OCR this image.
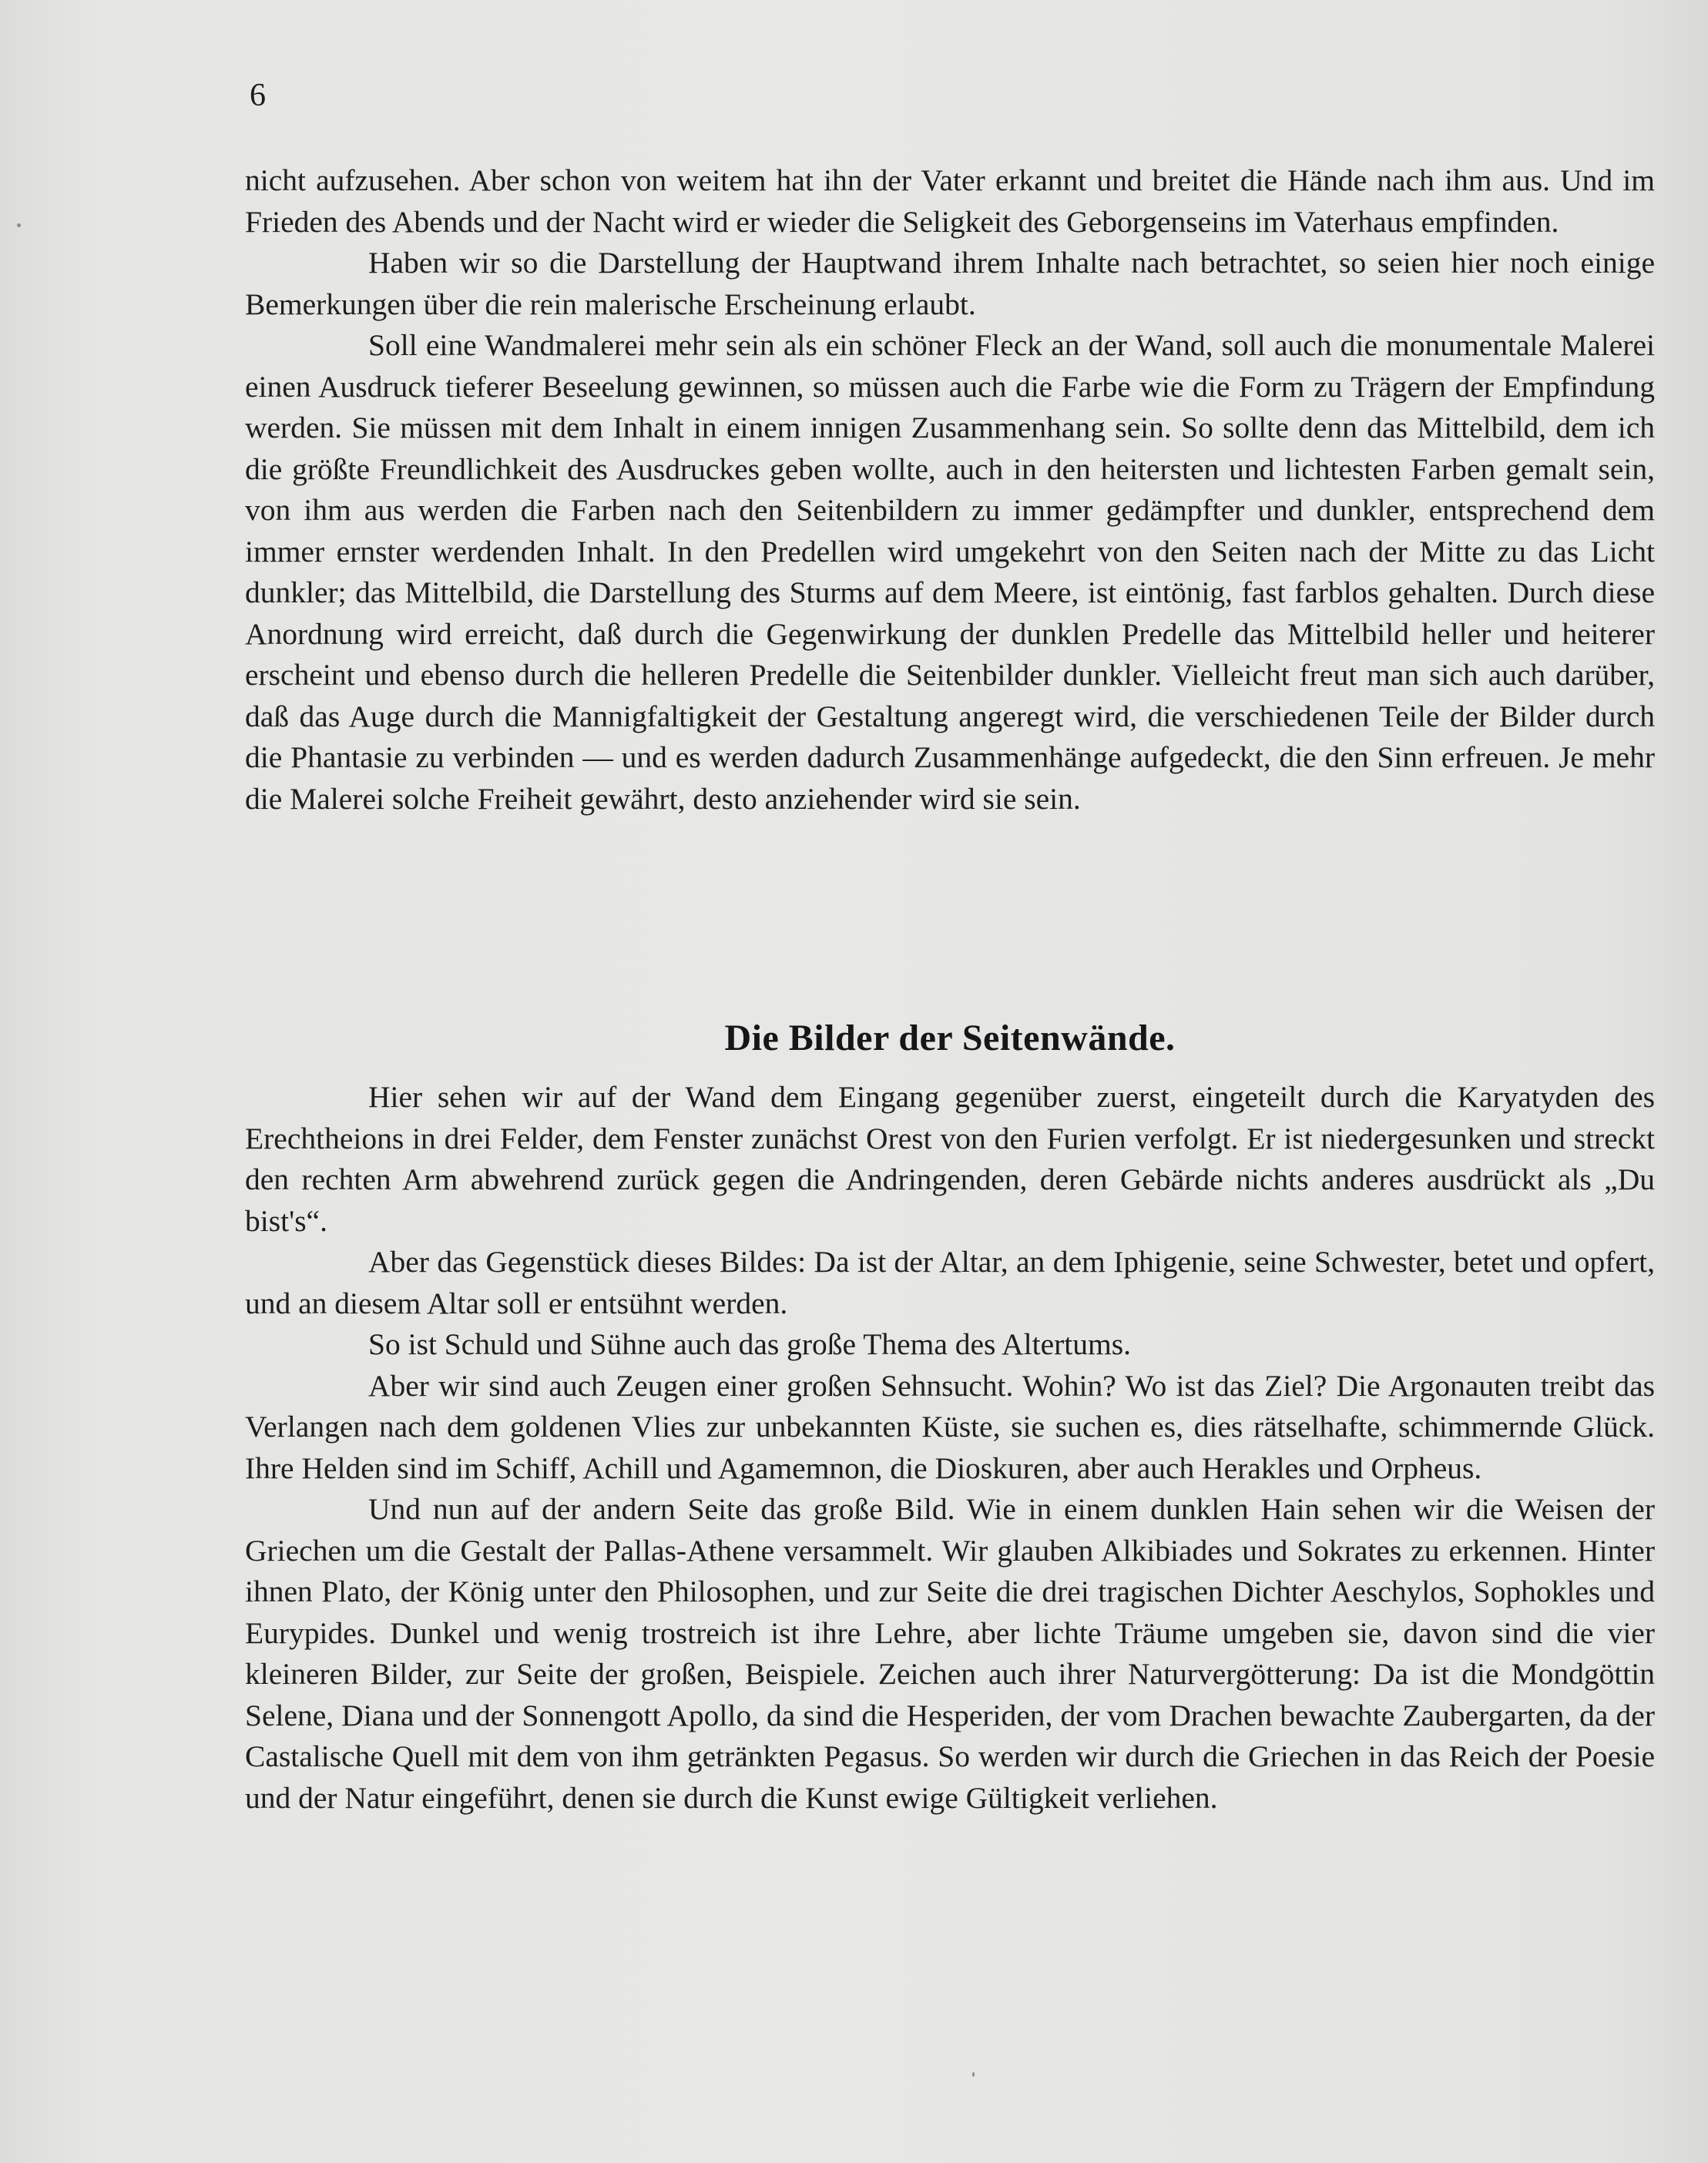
6

nicht aufzusehen. Aber schon von weitem hat ihn der Vater erkannt und breitet die Hände nach ihm aus. Und im Frieden des Abends und der Nacht wird er wieder die Seligkeit des Geborgenseins im Vaterhaus empfinden.

Haben wir so die Darstellung der Hauptwand ihrem Inhalte nach betrachtet, so seien hier noch einige Bemerkungen über die rein malerische Erscheinung erlaubt.

Soll eine Wandmalerei mehr sein als ein schöner Fleck an der Wand, soll auch die monumentale Malerei einen Ausdruck tieferer Beseelung gewinnen, so müssen auch die Farbe wie die Form zu Trägern der Empfindung werden. Sie müssen mit dem Inhalt in einem innigen Zusammenhang sein. So sollte denn das Mittelbild, dem ich die größte Freundlichkeit des Ausdruckes geben wollte, auch in den heitersten und lichtesten Farben gemalt sein, von ihm aus werden die Farben nach den Seitenbildern zu immer gedämpfter und dunkler, entsprechend dem immer ernster werdenden Inhalt. In den Predellen wird umgekehrt von den Seiten nach der Mitte zu das Licht dunkler; das Mittelbild, die Darstellung des Sturms auf dem Meere, ist eintönig, fast farblos gehalten. Durch diese Anordnung wird erreicht, daß durch die Gegenwirkung der dunklen Predelle das Mittelbild heller und heiterer erscheint und ebenso durch die helleren Predelle die Seitenbilder dunkler. Vielleicht freut man sich auch darüber, daß das Auge durch die Mannigfaltigkeit der Gestaltung angeregt wird, die verschiedenen Teile der Bilder durch die Phantasie zu verbinden — und es werden dadurch Zusammenhänge aufgedeckt, die den Sinn erfreuen. Je mehr die Malerei solche Freiheit gewährt, desto anziehender wird sie sein.

Die Bilder der Seitenwände.

Hier sehen wir auf der Wand dem Eingang gegenüber zuerst, eingeteilt durch die Karyatyden des Erechtheions in drei Felder, dem Fenster zunächst Orest von den Furien verfolgt. Er ist niedergesunken und streckt den rechten Arm abwehrend zurück gegen die Andringenden, deren Gebärde nichts anderes ausdrückt als „Du bist's“.

Aber das Gegenstück dieses Bildes: Da ist der Altar, an dem Iphigenie, seine Schwester, betet und opfert, und an diesem Altar soll er entsühnt werden.

So ist Schuld und Sühne auch das große Thema des Altertums.

Aber wir sind auch Zeugen einer großen Sehnsucht. Wohin? Wo ist das Ziel? Die Argonauten treibt das Verlangen nach dem goldenen Vlies zur unbekannten Küste, sie suchen es, dies rätselhafte, schimmernde Glück. Ihre Helden sind im Schiff, Achill und Agamemnon, die Dioskuren, aber auch Herakles und Orpheus.

Und nun auf der andern Seite das große Bild. Wie in einem dunklen Hain sehen wir die Weisen der Griechen um die Gestalt der Pallas-Athene versammelt. Wir glauben Alkibiades und Sokrates zu erkennen. Hinter ihnen Plato, der König unter den Philosophen, und zur Seite die drei tragischen Dichter Aeschylos, Sophokles und Eurypides. Dunkel und wenig trostreich ist ihre Lehre, aber lichte Träume umgeben sie, davon sind die vier kleineren Bilder, zur Seite der großen, Beispiele. Zeichen auch ihrer Naturvergötterung: Da ist die Mondgöttin Selene, Diana und der Sonnengott Apollo, da sind die Hesperiden, der vom Drachen bewachte Zaubergarten, da der Castalische Quell mit dem von ihm getränkten Pegasus. So werden wir durch die Griechen in das Reich der Poesie und der Natur eingeführt, denen sie durch die Kunst ewige Gültigkeit verliehen.
